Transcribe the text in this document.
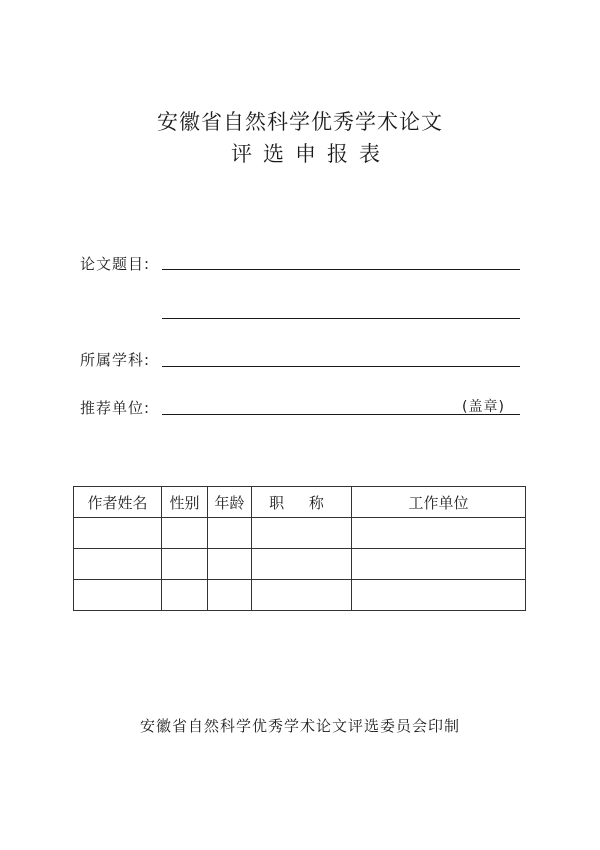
安徽省自然科学优秀学术论文
评选申报表
论文题目:
所属学科:
推荐单位:	(盖章)
作者姓名	性别	年龄	职 称	工作单位

安徽省自然科学优秀学术论文评选委员会印制
